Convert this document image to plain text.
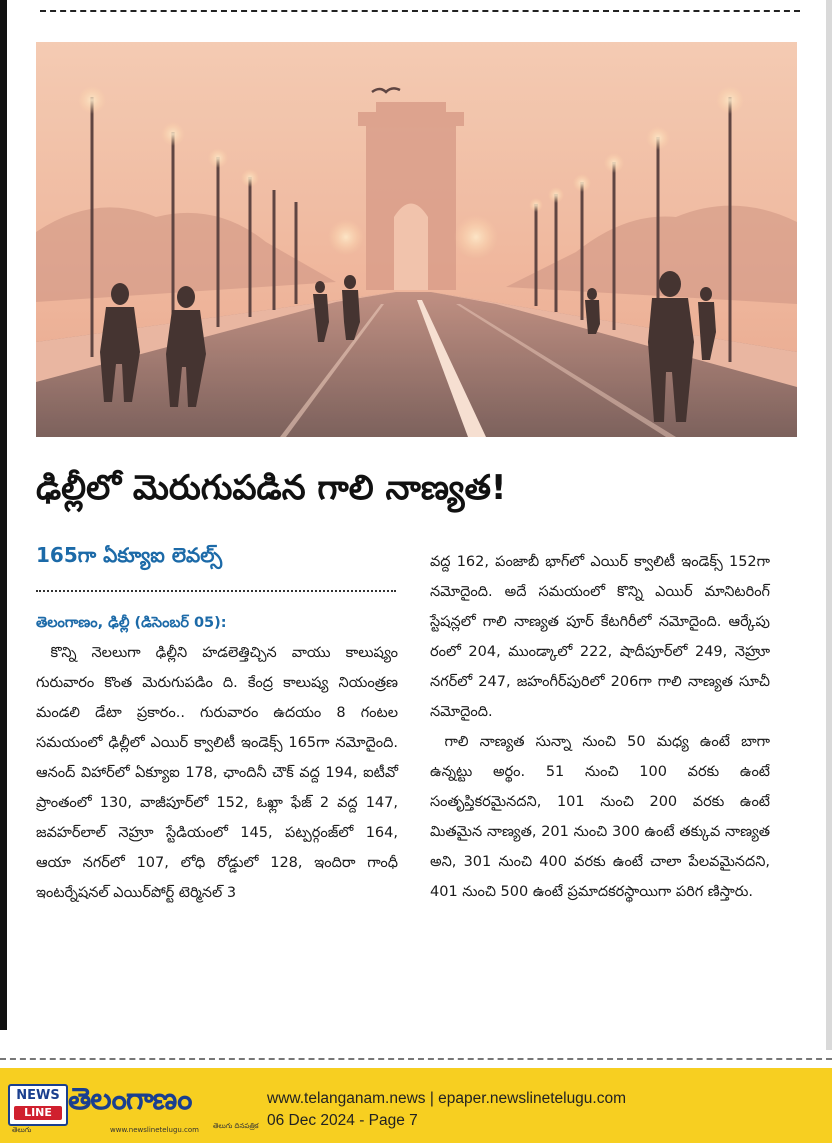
ఢిల్లీలో మెరుగుపడిన గాలి నాణ్యత!
165గా ఏక్యూఐ లెవల్స్

తెలంగాణం, ఢిల్లీ (డిసెంబర్ 05):

కొన్ని నెలలుగా ఢిల్లీని హడలెత్తిచ్చిన వాయు కాలుష్యం గురువారం కొంత మెరుగుపడిం ది. కేంద్ర కాలుష్య నియంత్రణ మండలి డేటా ప్రకారం.. గురువారం ఉదయం 8 గంటల సమయంలో ఢిల్లీలో ఎయిర్ క్వాలిటీ ఇండెక్స్ 165గా నమోదైంది. ఆనంద్ విహార్‌లో ఏక్యూఐ 178, ఛాందినీ చౌక్ వద్ద 194, ఐటీవో ప్రాంతంలో 130, వాజీపూర్‌లో 152, ఓఖ్లా ఫేజ్ 2 వద్ద 147, జవహర్‌లాల్ నెహ్రూ స్టేడియంలో 145, పట్పర్గంజ్‌లో 164, ఆయా నగర్‌లో 107, లోధి రోడ్డులో 128, ఇందిరా గాంధీ ఇంటర్నేషనల్ ఎయిర్‌పోర్ట్ టెర్మినల్ 3

వద్ద 162, పంజాబీ భాగ్‌లో ఎయిర్ క్వాలిటీ ఇండెక్స్ 152గా నమోదైంది. అదే సమయంలో కొన్ని ఎయిర్ మానిటరింగ్ స్టేషన్లలో గాలి నాణ్యత పూర్ కేటగిరీలో నమోదైంది. ఆర్కేపు రంలో 204, ముండ్కాలో 222, షాదీపూర్‌లో 249, నెహ్రూ నగర్‌లో 247, జహంగీర్‌పురిలో 206గా గాలి నాణ్యత సూచీ నమోదైంది.

గాలి నాణ్యత సున్నా నుంచి 50 మధ్య ఉంటే బాగా ఉన్నట్టు అర్థం. 51 నుంచి 100 వరకు ఉంటే సంతృప్తికరమైనదని, 101 నుంచి 200 వరకు ఉంటే మితమైన నాణ్యత, 201 నుంచి 300 ఉంటే తక్కువ నాణ్యత అని, 301 నుంచి 400 వరకు ఉంటే చాలా పేలవమైనదని, 401 నుంచి 500 ఉంటే ప్రమాదకరస్థాయిగా పరిగ ణిస్తారు.

NEWS
LINE
తెలుగు
తెలంగాణం
www.newslinetelugu.com తెలుగు దినపత్రిక
www.telanganam.news | epaper.newslinetelugu.com
06 Dec 2024 - Page 7
